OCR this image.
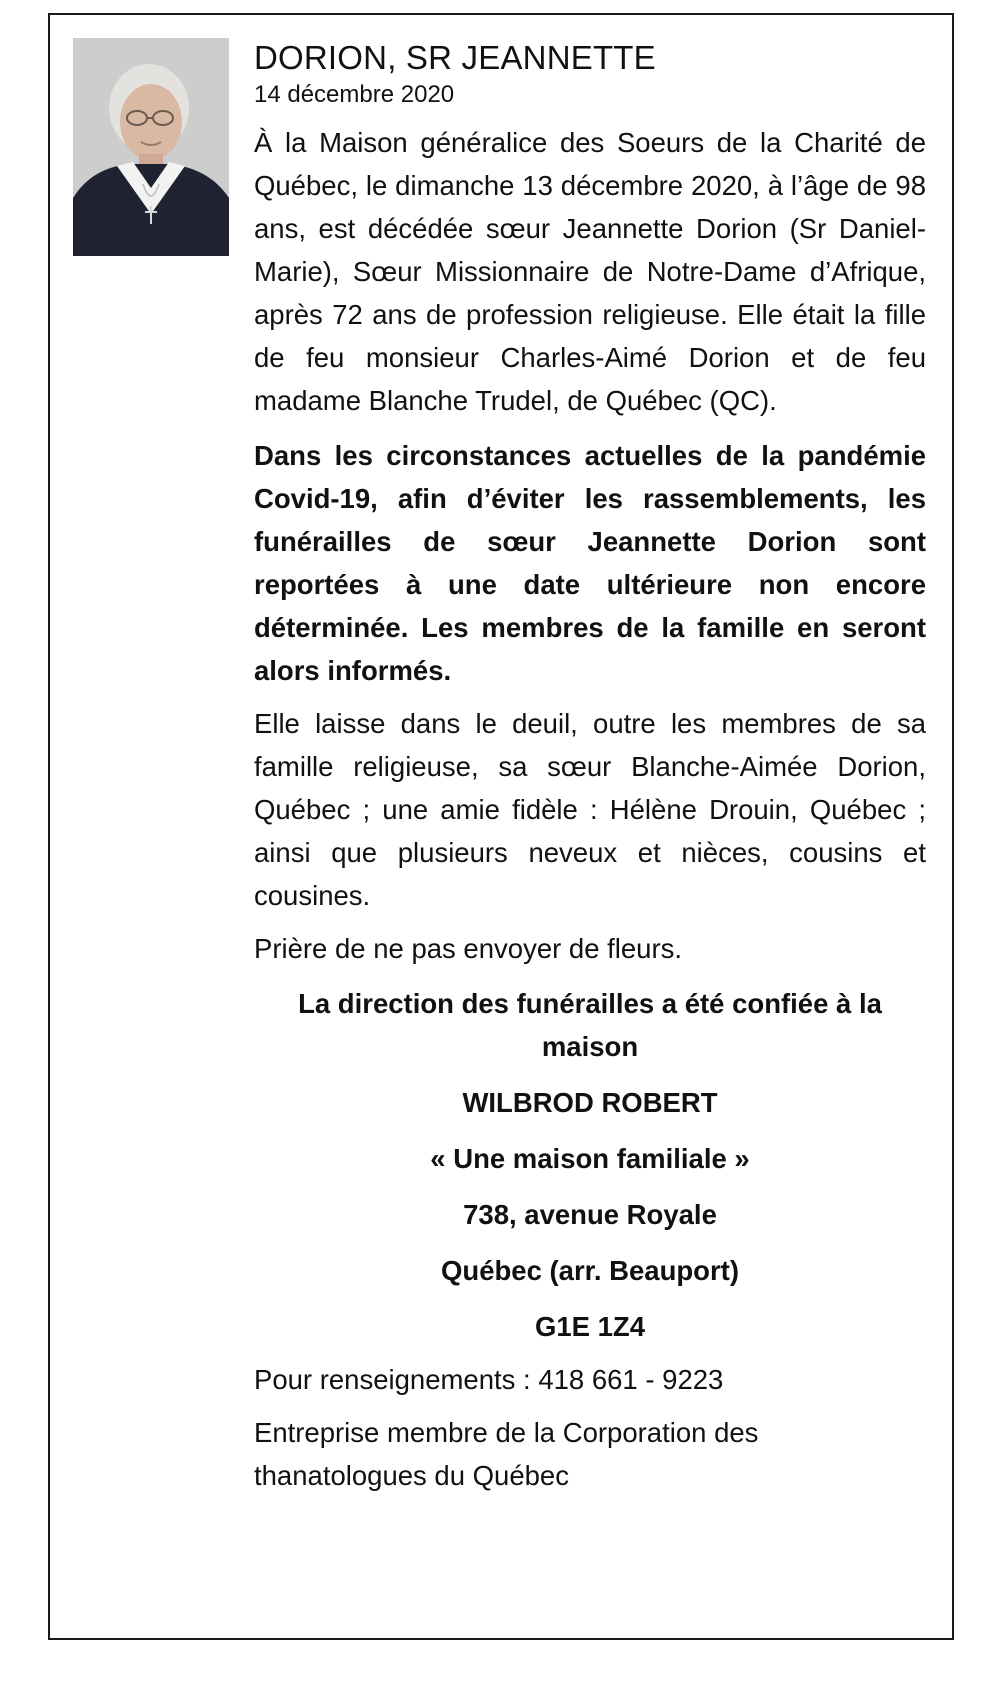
DORION, SR JEANNETTE
14 décembre 2020

À la Maison généralice des Soeurs de la Charité de Québec, le dimanche 13 décembre 2020, à l’âge de 98 ans, est décédée sœur Jeannette Dorion (Sr Daniel-Marie), Sœur Missionnaire de Notre-Dame d’Afrique, après 72 ans de profession religieuse. Elle était la fille de feu monsieur Charles-Aimé Dorion et de feu madame Blanche Trudel, de Québec (QC).

Dans les circonstances actuelles de la pandémie Covid-19, afin d’éviter les rassemblements, les funérailles de sœur Jeannette Dorion sont reportées à une date ultérieure non encore déterminée. Les membres de la famille en seront alors informés.

Elle laisse dans le deuil, outre les membres de sa famille religieuse, sa sœur Blanche-Aimée Dorion, Québec ; une amie fidèle : Hélène Drouin, Québec ; ainsi que plusieurs neveux et nièces, cousins et cousines.

Prière de ne pas envoyer de fleurs.

La direction des funérailles a été confiée à la maison
WILBROD ROBERT
« Une maison familiale »
738, avenue Royale
Québec (arr. Beauport)
G1E 1Z4

Pour renseignements : 418 661 - 9223

Entreprise membre de la Corporation des thanatologues du Québec
